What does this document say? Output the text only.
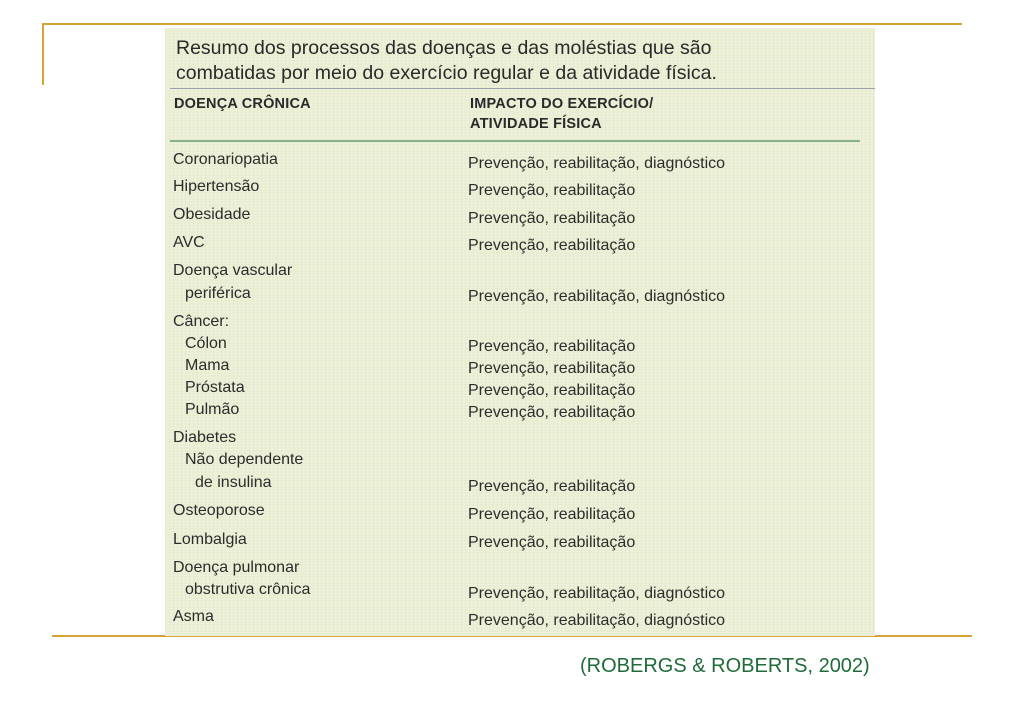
Resumo dos processos das doenças e das moléstias que são
combatidas por meio do exercício regular e da atividade física.
DOENÇA CRÔNICA	IMPACTO DO EXERCÍCIO/
ATIVIDADE FÍSICA
Coronariopatia	Prevenção, reabilitação, diagnóstico
Hipertensão	Prevenção, reabilitação
Obesidade	Prevenção, reabilitação
AVC	Prevenção, reabilitação
Doença vascular
periférica	Prevenção, reabilitação, diagnóstico
Câncer:
Cólon	Prevenção, reabilitação
Mama	Prevenção, reabilitação
Próstata	Prevenção, reabilitação
Pulmão	Prevenção, reabilitação
Diabetes
Não dependente
de insulina	Prevenção, reabilitação
Osteoporose	Prevenção, reabilitação
Lombalgia	Prevenção, reabilitação
Doença pulmonar
obstrutiva crônica	Prevenção, reabilitação, diagnóstico
Asma	Prevenção, reabilitação, diagnóstico
(ROBERGS & ROBERTS, 2002)
